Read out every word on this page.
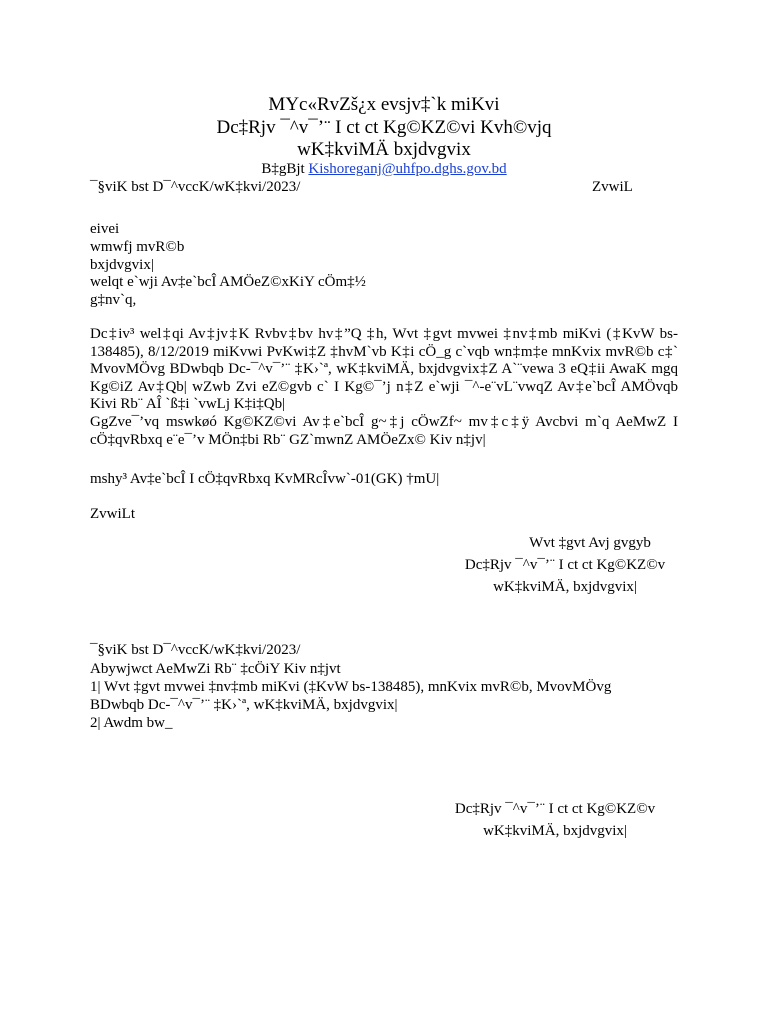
MYc«RvZš¿x evsjv‡`k miKvi
Dc‡Rjv ¯^v¯’¨ I ct ct Kg©KZ©vi Kvh©vjq
wK‡kviMÄ bxjdvgvix
B‡gBjt Kishoreganj@uhfpo.dghs.gov.bd
¯§viK bst D¯^vccK/wK‡kvi/2023/	ZvwiL
eivei
wmwfj mvR©b
bxjdvgvix|
welqt e`wji Av‡e`bcÎ AMÖeZ©xKiY cÖm‡½
g‡nv`q,
Dc‡iv³ wel‡qi Av‡jv‡K Rvbv‡bv hv‡”Q ‡h, Wvt ‡gvt mvwei ‡nv‡mb miKvi (‡KvW bs-138485), 8/12/2019 miKvwi PvKwi‡Z ‡hvM`vb K‡i cÖ_g c`vqb wn‡m‡e mnKvix mvR©b c‡` MvovMÖvg BDwbqb Dc-¯^v¯’¨ ‡K›`ª, wK‡kviMÄ, bxjdvgvix‡Z A`¨vewa 3 eQ‡ii AwaK mgq Kg©iZ Av‡Qb| wZwb Zvi eZ©gvb c` I Kg©¯’j n‡Z e`wji ¯^-e¨vL¨vwqZ Av‡e`bcÎ AMÖvqb Kivi Rb¨ AÎ `ß‡i `vwLj K‡i‡Qb|
GgZve¯’vq mswkøó Kg©KZ©vi Av‡e`bcÎ g~‡j cÖwZf~ mv‡c‡ÿ Avcbvi m`q AeMwZ I cÖ‡qvRbxq e¨e¯’v MÖn‡bi Rb¨ GZ`mwnZ AMÖeZx© Kiv n‡jv|
mshy³ Av‡e`bcÎ I cÖ‡qvRbxq KvMRcÎvw`-01(GK) †mU|
ZvwiLt
Wvt ‡gvt Avj gvgyb
Dc‡Rjv ¯^v¯’¨ I ct ct Kg©KZ©v
wK‡kviMÄ, bxjdvgvix|
¯§viK bst D¯^vccK/wK‡kvi/2023/
Abywjwct AeMwZi Rb¨ ‡cÖiY Kiv n‡jvt
1| Wvt ‡gvt mvwei ‡nv‡mb miKvi (‡KvW bs-138485), mnKvix mvR©b, MvovMÖvg
BDwbqb Dc-¯^v¯’¨ ‡K›`ª, wK‡kviMÄ, bxjdvgvix|
2| Awdm bw_
Dc‡Rjv ¯^v¯’¨ I ct ct Kg©KZ©v
wK‡kviMÄ, bxjdvgvix|
